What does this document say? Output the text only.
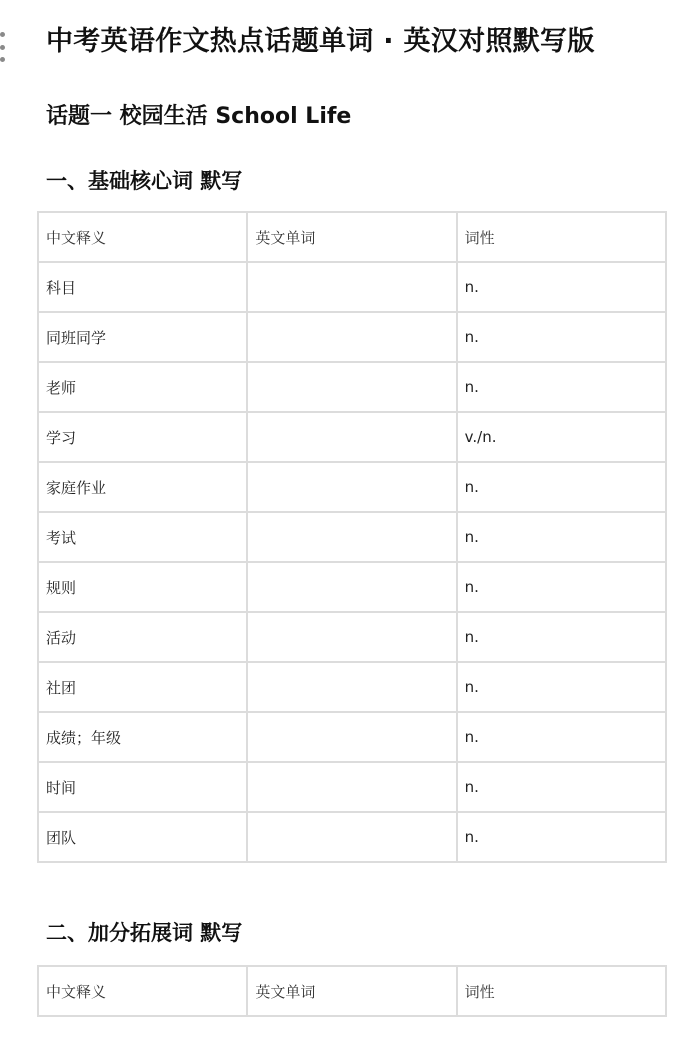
中考英语作文热点话题单词 · 英汉对照默写版
话题一 校园生活 School Life
一、基础核心词 默写
中文释义	英文单词	词性
科目		n.
同班同学		n.
老师		n.
学习		v./n.
家庭作业		n.
考试		n.
规则		n.
活动		n.
社团		n.
成绩；年级		n.
时间		n.
团队		n.
二、加分拓展词 默写
中文释义	英文单词	词性
